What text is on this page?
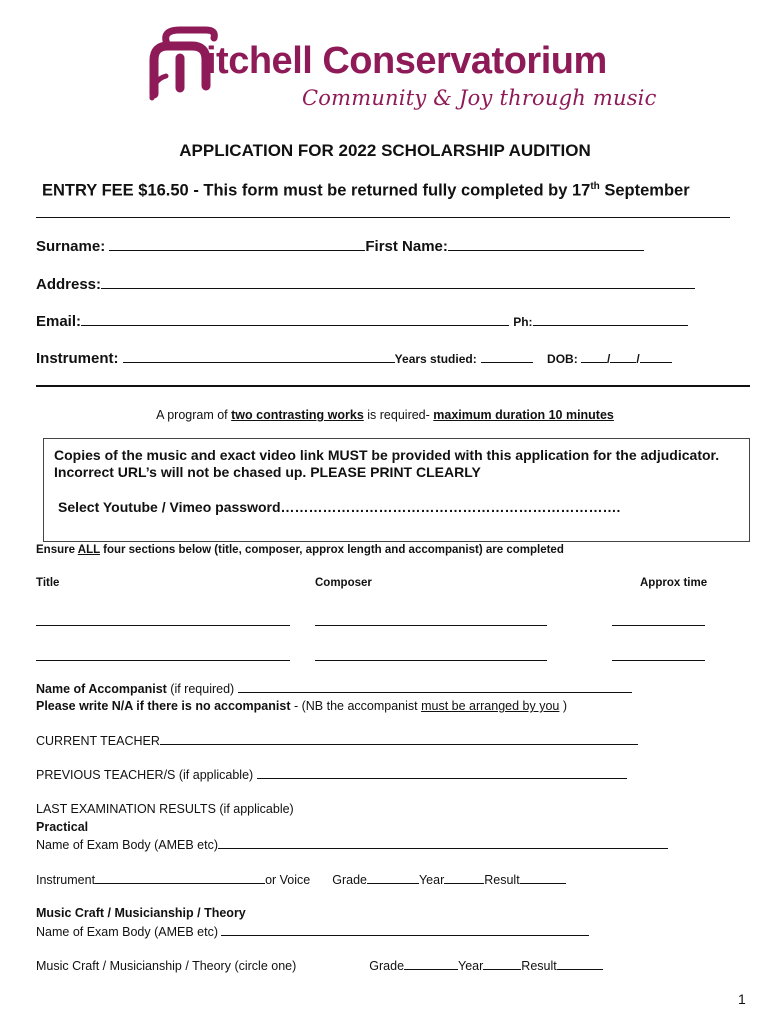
itchell Conservatorium
Community & Joy through music
APPLICATION FOR 2022 SCHOLARSHIP AUDITION
ENTRY FEE $16.50 - This form must be returned fully completed by 17th September
Surname:	First Name:
Address:
Email:	Ph:
Instrument:	Years studied:	DOB: / /
A program of two contrasting works is required- maximum duration 10 minutes
Copies of the music and exact video link MUST be provided with this application for the adjudicator. Incorrect URL’s will not be chased up. PLEASE PRINT CLEARLY
Select Youtube / Vimeo password……………………………………………………………….
Ensure ALL four sections below (title, composer, approx length and accompanist) are completed
Title	Composer	Approx time
Name of Accompanist (if required)
Please write N/A if there is no accompanist - (NB the accompanist must be arranged by you )
CURRENT TEACHER
PREVIOUS TEACHER/S (if applicable)
LAST EXAMINATION RESULTS (if applicable)
Practical
Name of Exam Body (AMEB etc)
Instrument	or Voice Grade	Year	Result
Music Craft / Musicianship / Theory
Name of Exam Body (AMEB etc)
Music Craft / Musicianship / Theory (circle one)	Grade	Year	Result
1
